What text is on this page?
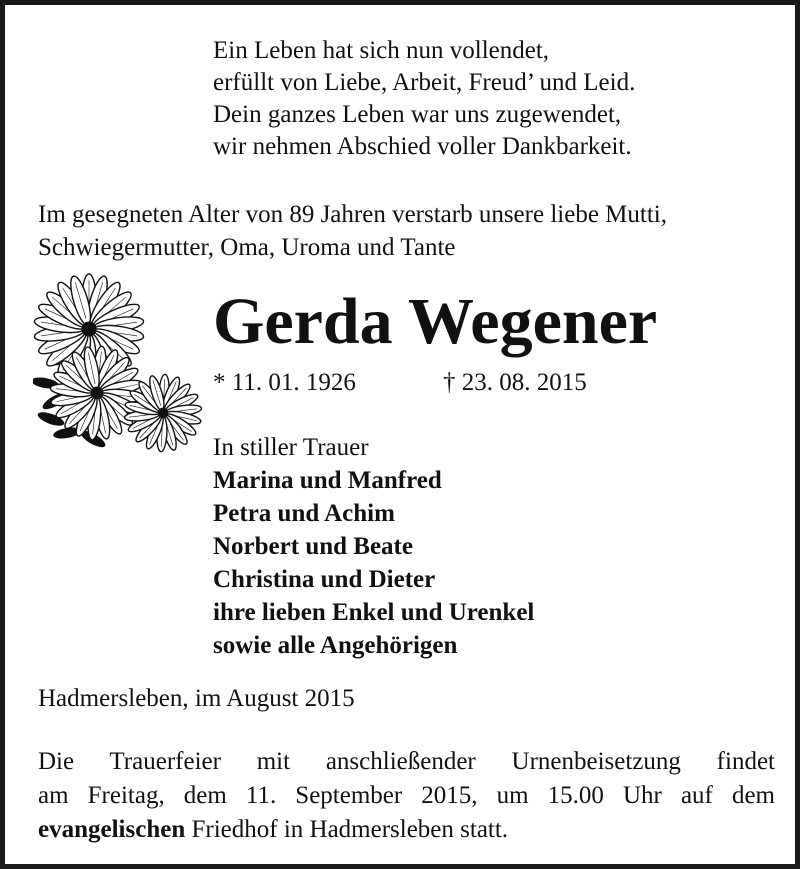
Ein Leben hat sich nun vollendet,
erfüllt von Liebe, Arbeit, Freud’ und Leid.
Dein ganzes Leben war uns zugewendet,
wir nehmen Abschied voller Dankbarkeit.
Im gesegneten Alter von 89 Jahren verstarb unsere liebe Mutti,
Schwiegermutter, Oma, Uroma und Tante
Gerda Wegener
* 11. 01. 1926	† 23. 08. 2015
In stiller Trauer
Marina und Manfred
Petra und Achim
Norbert und Beate
Christina und Dieter
ihre lieben Enkel und Urenkel
sowie alle Angehörigen
Hadmersleben, im August 2015
Die Trauerfeier mit anschließender Urnenbeisetzung findet
am Freitag, dem 11. September 2015, um 15.00 Uhr auf dem
evangelischen Friedhof in Hadmersleben statt.
